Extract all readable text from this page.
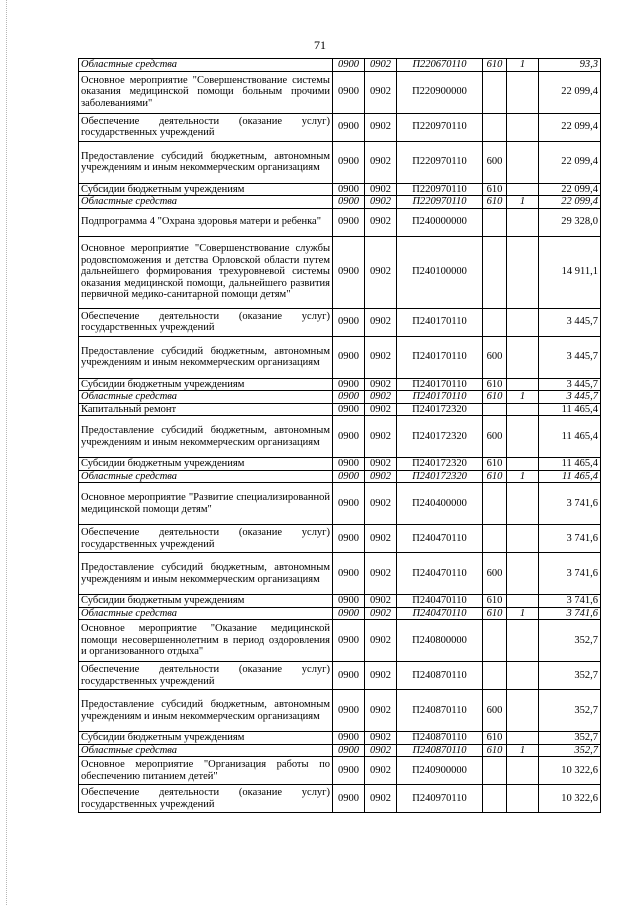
71
Областные средства	0900	0902	П220670110	610	1	93,3
Основное мероприятие "Совершенствование системы оказания медицинской помощи больным прочими заболеваниями"	0900	0902	П220900000			22 099,4
Обеспечение деятельности (оказание услуг) государственных учреждений	0900	0902	П220970110			22 099,4
Предоставление субсидий бюджетным, автономным учреждениям и иным некоммерческим организациям	0900	0902	П220970110	600		22 099,4
Субсидии бюджетным учреждениям	0900	0902	П220970110	610		22 099,4
Областные средства	0900	0902	П220970110	610	1	22 099,4
Подпрограмма 4 "Охрана здоровья матери и ребенка"	0900	0902	П240000000			29 328,0
Основное мероприятие "Совершенствование службы родовспоможения и детства Орловской области путем дальнейшего формирования трехуровневой системы оказания медицинской помощи, дальнейшего развития первичной медико-санитарной помощи детям"	0900	0902	П240100000			14 911,1
Обеспечение деятельности (оказание услуг) государственных учреждений	0900	0902	П240170110			3 445,7
Предоставление субсидий бюджетным, автономным учреждениям и иным некоммерческим организациям	0900	0902	П240170110	600		3 445,7
Субсидии бюджетным учреждениям	0900	0902	П240170110	610		3 445,7
Областные средства	0900	0902	П240170110	610	1	3 445,7
Капитальный ремонт	0900	0902	П240172320			11 465,4
Предоставление субсидий бюджетным, автономным учреждениям и иным некоммерческим организациям	0900	0902	П240172320	600		11 465,4
Субсидии бюджетным учреждениям	0900	0902	П240172320	610		11 465,4
Областные средства	0900	0902	П240172320	610	1	11 465,4
Основное мероприятие "Развитие специализированной медицинской помощи детям"	0900	0902	П240400000			3 741,6
Обеспечение деятельности (оказание услуг) государственных учреждений	0900	0902	П240470110			3 741,6
Предоставление субсидий бюджетным, автономным учреждениям и иным некоммерческим организациям	0900	0902	П240470110	600		3 741,6
Субсидии бюджетным учреждениям	0900	0902	П240470110	610		3 741,6
Областные средства	0900	0902	П240470110	610	1	3 741,6
Основное мероприятие "Оказание медицинской помощи несовершеннолетним в период оздоровления и организованного отдыха"	0900	0902	П240800000			352,7
Обеспечение деятельности (оказание услуг) государственных учреждений	0900	0902	П240870110			352,7
Предоставление субсидий бюджетным, автономным учреждениям и иным некоммерческим организациям	0900	0902	П240870110	600		352,7
Субсидии бюджетным учреждениям	0900	0902	П240870110	610		352,7
Областные средства	0900	0902	П240870110	610	1	352,7
Основное мероприятие "Организация работы по обеспечению питанием детей"	0900	0902	П240900000			10 322,6
Обеспечение деятельности (оказание услуг) государственных учреждений	0900	0902	П240970110			10 322,6
